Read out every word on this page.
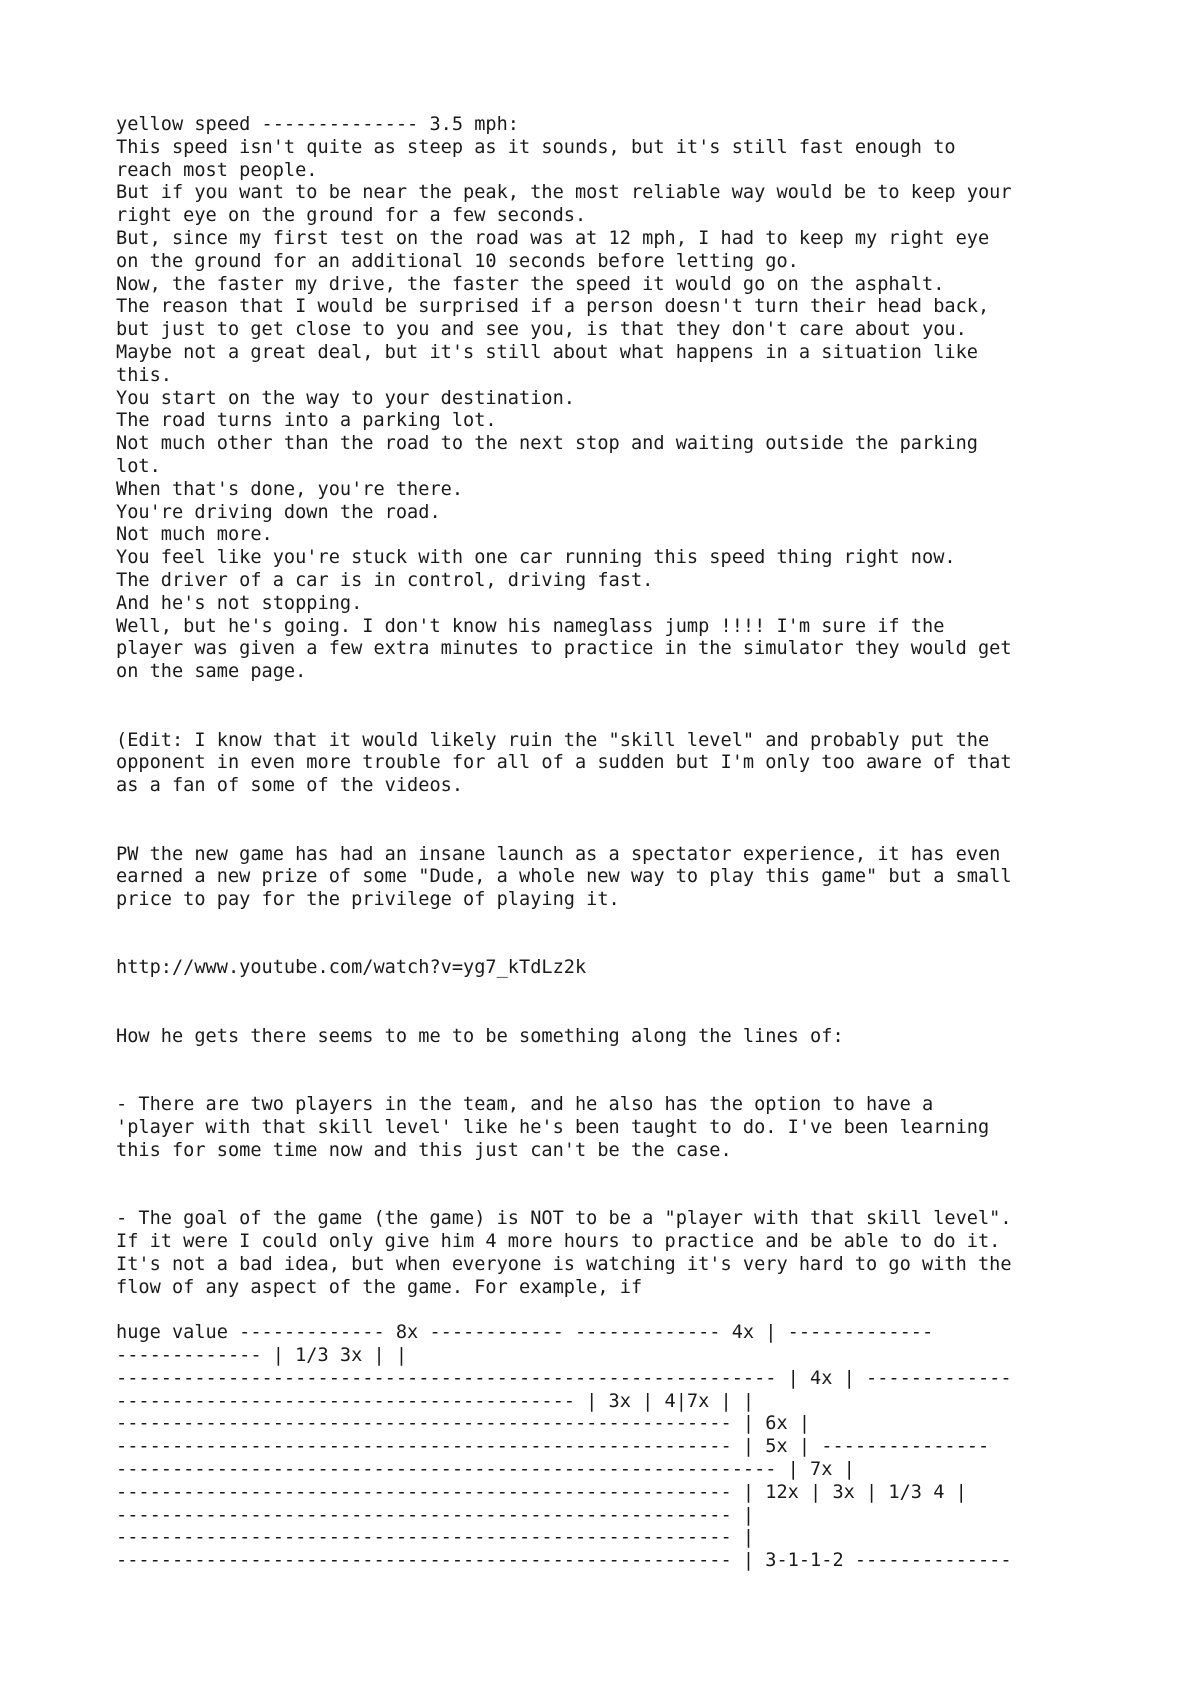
yellow speed -------------- 3.5 mph:
This speed isn't quite as steep as it sounds, but it's still fast enough to
reach most people.
But if you want to be near the peak, the most reliable way would be to keep your
right eye on the ground for a few seconds.
But, since my first test on the road was at 12 mph, I had to keep my right eye
on the ground for an additional 10 seconds before letting go.
Now, the faster my drive, the faster the speed it would go on the asphalt.
The reason that I would be surprised if a person doesn't turn their head back,
but just to get close to you and see you, is that they don't care about you.
Maybe not a great deal, but it's still about what happens in a situation like
this.
You start on the way to your destination.
The road turns into a parking lot.
Not much other than the road to the next stop and waiting outside the parking
lot.
When that's done, you're there.
You're driving down the road.
Not much more.
You feel like you're stuck with one car running this speed thing right now.
The driver of a car is in control, driving fast.
And he's not stopping.
Well, but he's going. I don't know his nameglass jump !!!! I'm sure if the
player was given a few extra minutes to practice in the simulator they would get
on the same page.
(Edit: I know that it would likely ruin the "skill level" and probably put the
opponent in even more trouble for all of a sudden but I'm only too aware of that
as a fan of some of the videos.
PW the new game has had an insane launch as a spectator experience, it has even
earned a new prize of some "Dude, a whole new way to play this game" but a small
price to pay for the privilege of playing it.
http://www.youtube.com/watch?v=yg7_kTdLz2k
How he gets there seems to me to be something along the lines of:
- There are two players in the team, and he also has the option to have a
'player with that skill level' like he's been taught to do. I've been learning
this for some time now and this just can't be the case.
- The goal of the game (the game) is NOT to be a "player with that skill level".
If it were I could only give him 4 more hours to practice and be able to do it.
It's not a bad idea, but when everyone is watching it's very hard to go with the
flow of any aspect of the game. For example, if
huge value ------------- 8x ------------ ------------- 4x | -------------
------------- | 1/3 3x | |
----------------------------------------------------------- | 4x | -------------
----------------------------------------- | 3x | 4|7x | |
------------------------------------------------------- | 6x |
------------------------------------------------------- | 5x | ---------------
----------------------------------------------------------- | 7x |
------------------------------------------------------- | 12x | 3x | 1/3 4 |
------------------------------------------------------- |
------------------------------------------------------- |
------------------------------------------------------- | 3-1-1-2 --------------
